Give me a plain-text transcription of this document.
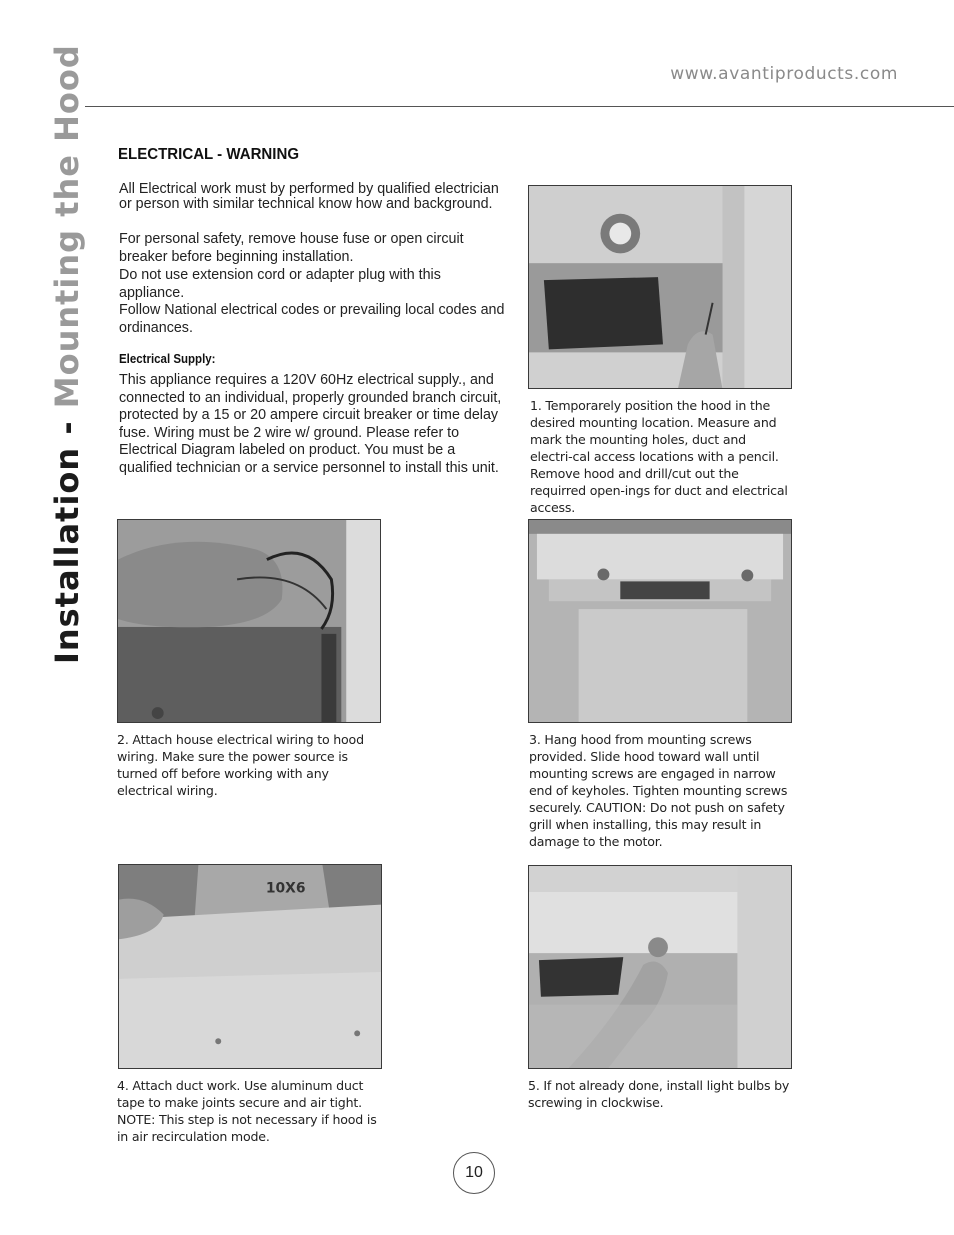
www.avantiproducts.com
Installation - Mounting the Hood ELECTRICAL - WARNING
All Electrical work must by performed by qualified electrician or person with similar technical know how and background.
For personal safety, remove house fuse or open circuit breaker before beginning installation.
Do not use extension cord or adapter plug with this appliance.
Follow National electrical codes or prevailing local codes and ordinances.
Electrical Supply:
This appliance requires a 120V 60Hz electrical supply., and connected to an individual, properly grounded branch circuit, protected by a 15 or 20 ampere circuit breaker or time delay fuse. Wiring must be 2 wire w/ ground. Please refer to Electrical Diagram labeled on product. You must be a qualified technician or a service personnel to install this unit.
1. Temporarely position the hood in the desired mounting location. Measure and mark the mounting holes, duct and electri-cal access locations with a pencil. Remove hood and drill/cut out the requirred open-ings for duct and electrical access.
2. Attach house electrical wiring to hood wiring. Make sure the power source is turned off before working with any electrical wiring.
3. Hang hood from mounting screws provided. Slide hood toward wall until mounting screws are engaged in narrow end of keyholes. Tighten mounting screws securely. CAUTION: Do not push on safety grill when installing, this may result in damage to the motor.
10X6
4. Attach duct work. Use aluminum duct tape to make joints secure and air tight. NOTE: This step is not necessary if hood is in air recirculation mode.
5. If not already done, install light bulbs by screwing in clockwise.
10
